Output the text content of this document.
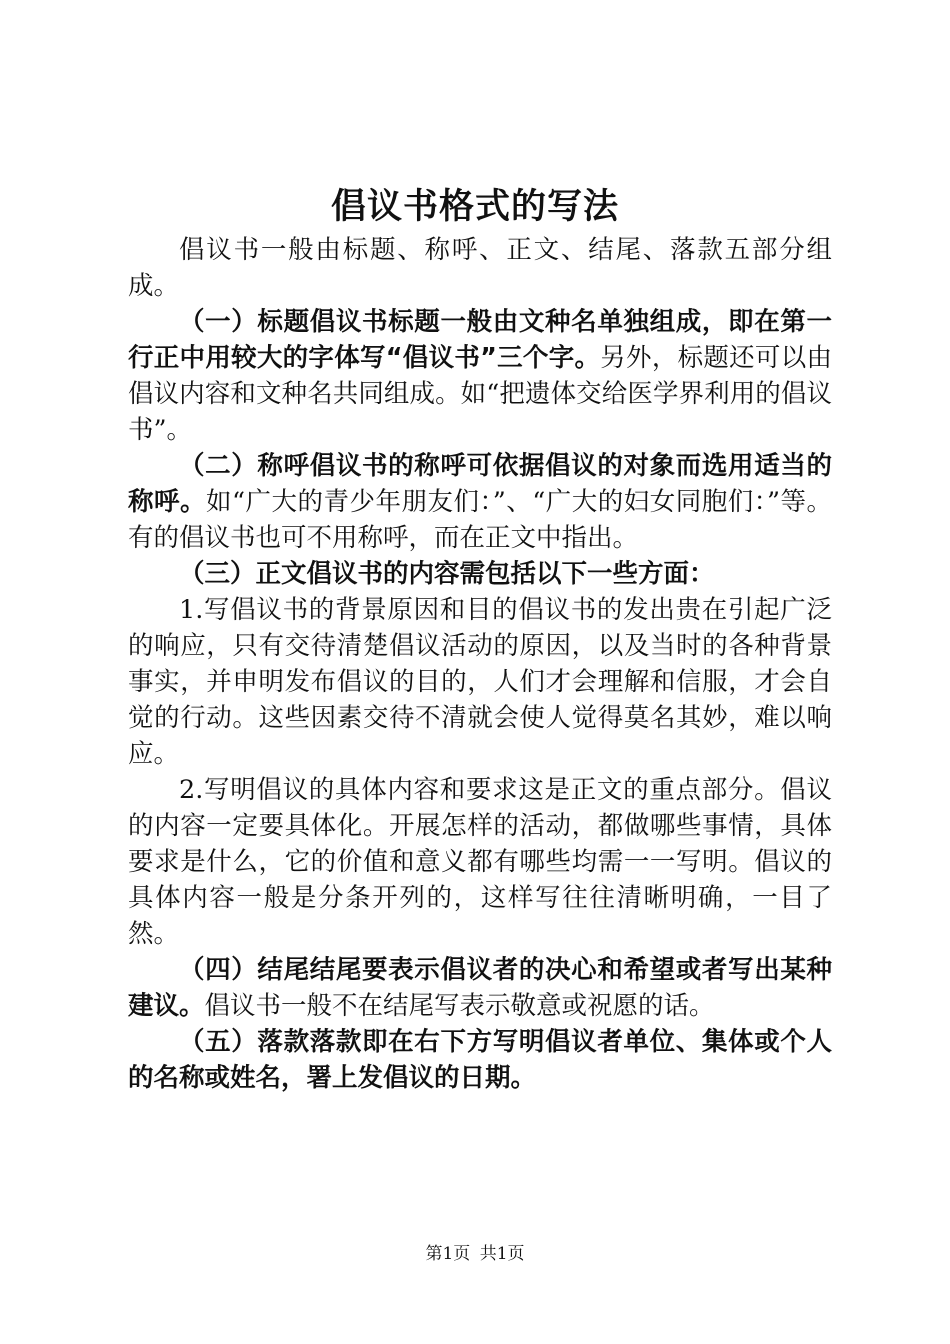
倡议书格式的写法

倡议书一般由标题、称呼、正文、结尾、落款五部分组成。

（一）标题倡议书标题一般由文种名单独组成，即在第一行正中用较大的字体写“倡议书”三个字。另外，标题还可以由倡议内容和文种名共同组成。如“把遗体交给医学界利用的倡议书”。

（二）称呼倡议书的称呼可依据倡议的对象而选用适当的称呼。如“广大的青少年朋友们：”、“广大的妇女同胞们：”等。有的倡议书也可不用称呼，而在正文中指出。

（三）正文倡议书的内容需包括以下一些方面：

1.写倡议书的背景原因和目的倡议书的发出贵在引起广泛的响应，只有交待清楚倡议活动的原因，以及当时的各种背景事实，并申明发布倡议的目的，人们才会理解和信服，才会自觉的行动。这些因素交待不清就会使人觉得莫名其妙，难以响应。

2.写明倡议的具体内容和要求这是正文的重点部分。倡议的内容一定要具体化。开展怎样的活动，都做哪些事情，具体要求是什么，它的价值和意义都有哪些均需一一写明。倡议的具体内容一般是分条开列的，这样写往往清晰明确，一目了然。

（四）结尾结尾要表示倡议者的决心和希望或者写出某种建议。倡议书一般不在结尾写表示敬意或祝愿的话。

（五）落款落款即在右下方写明倡议者单位、集体或个人的名称或姓名，署上发倡议的日期。

第1页 共1页
